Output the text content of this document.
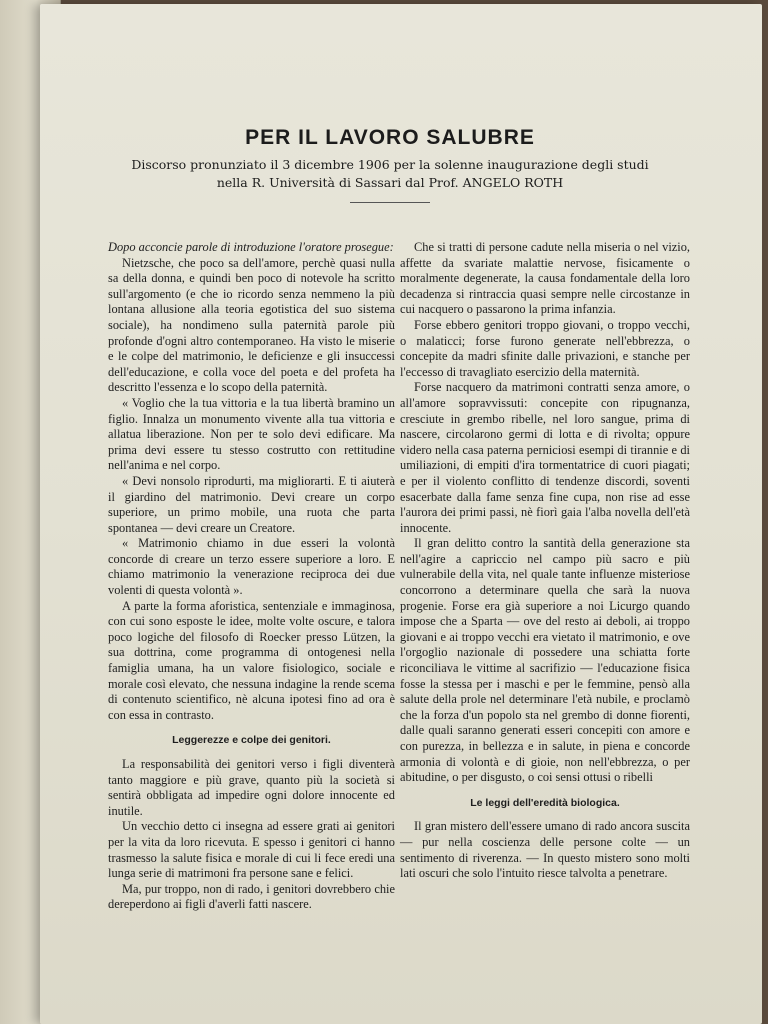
PER IL LAVORO SALUBRE
Discorso pronunziato il 3 dicembre 1906 per la solenne inaugurazione degli studi
nella R. Università di Sassari dal Prof. ANGELO ROTH

Dopo acconcie parole di introduzione l'oratore prosegue:

Nietzsche, che poco sa dell'amore, perchè quasi nulla sa della donna, e quindi ben poco di notevole ha scritto sull'argomento (e che io ricordo senza nemmeno la più lontana allusione alla teoria egotistica del suo sistema sociale), ha nondimeno sulla paternità parole più profonde d'ogni altro contemporaneo. Ha visto le miserie e le colpe del matrimonio, le deficienze e gli insuccessi dell'educazione, e colla voce del poeta e del profeta ha descritto l'essenza e lo scopo della paternità.

« Voglio che la tua vittoria e la tua libertà bramino un figlio. Innalza un monumento vivente alla tua vittoria e allatua liberazione. Non per te solo devi edificare. Ma prima devi essere tu stesso costrutto con rettitudine nell'anima e nel corpo.

« Devi nonsolo riprodurti, ma migliorarti. E ti aiuterà il giardino del matrimonio. Devi creare un corpo superiore, un primo mobile, una ruota che parta spontanea — devi creare un Creatore.

« Matrimonio chiamo in due esseri la volontà concorde di creare un terzo essere superiore a loro. E chiamo matrimonio la venerazione reciproca dei due volenti di questa volontà ».

A parte la forma aforistica, sentenziale e immaginosa, con cui sono esposte le idee, molte volte oscure, e talora poco logiche del filosofo di Roecker presso Lützen, la sua dottrina, come programma di ontogenesi nella famiglia umana, ha un valore fisiologico, sociale e morale così elevato, che nessuna indagine la rende scema di contenuto scientifico, nè alcuna ipotesi fino ad ora è con essa in contrasto.

Leggerezze e colpe dei genitori.

La responsabilità dei genitori verso i figli diventerà tanto maggiore e più grave, quanto più la società si sentirà obbligata ad impedire ogni dolore innocente ed inutile.

Un vecchio detto ci insegna ad essere grati ai genitori per la vita da loro ricevuta. E spesso i genitori ci hanno trasmesso la salute fisica e morale di cui li fece eredi una lunga serie di matrimoni fra persone sane e felici.

Ma, pur troppo, non di rado, i genitori dovrebbero chie dereperdono ai figli d'averli fatti nascere.

Che si tratti di persone cadute nella miseria o nel vizio, affette da svariate malattie nervose, fisicamente o moralmente degenerate, la causa fondamentale della loro decadenza si rintraccia quasi sempre nelle circostanze in cui nacquero o passarono la prima infanzia.

Forse ebbero genitori troppo giovani, o troppo vecchi, o malaticci; forse furono generate nell'ebbrezza, o concepite da madri sfinite dalle privazioni, e stanche per l'eccesso di travagliato esercizio della maternità.

Forse nacquero da matrimoni contratti senza amore, o all'amore sopravvissuti: concepite con ripugnanza, cresciute in grembo ribelle, nel loro sangue, prima di nascere, circolarono germi di lotta e di rivolta; oppure videro nella casa paterna perniciosi esempi di tirannie e di umiliazioni, di empiti d'ira tormentatrice di cuori piagati; e per il violento conflitto di tendenze discordi, soventi esacerbate dalla fame senza fine cupa, non rise ad esse l'aurora dei primi passi, nè fiorì gaia l'alba novella dell'età innocente.

Il gran delitto contro la santità della generazione sta nell'agire a capriccio nel campo più sacro e più vulnerabile della vita, nel quale tante influenze misteriose concorrono a determinare quella che sarà la nuova progenie. Forse era già superiore a noi Licurgo quando impose che a Sparta — ove del resto ai deboli, ai troppo giovani e ai troppo vecchi era vietato il matrimonio, e ove l'orgoglio nazionale di possedere una schiatta forte riconciliava le vittime al sacrifizio — l'educazione fisica fosse la stessa per i maschi e per le femmine, pensò alla salute della prole nel determinare l'età nubile, e proclamò che la forza d'un popolo sta nel grembo di donne fiorenti, dalle quali saranno generati esseri concepiti con amore e con purezza, in bellezza e in salute, in piena e concorde armonia di volontà e di gioie, non nell'ebbrezza, o per abitudine, o per disgusto, o coi sensi ottusi o ribelli

Le leggi dell'eredità biologica.

Il gran mistero dell'essere umano di rado ancora suscita — pur nella coscienza delle persone colte — un sentimento di riverenza. — In questo mistero sono molti lati oscuri che solo l'intuito riesce talvolta a penetrare.
